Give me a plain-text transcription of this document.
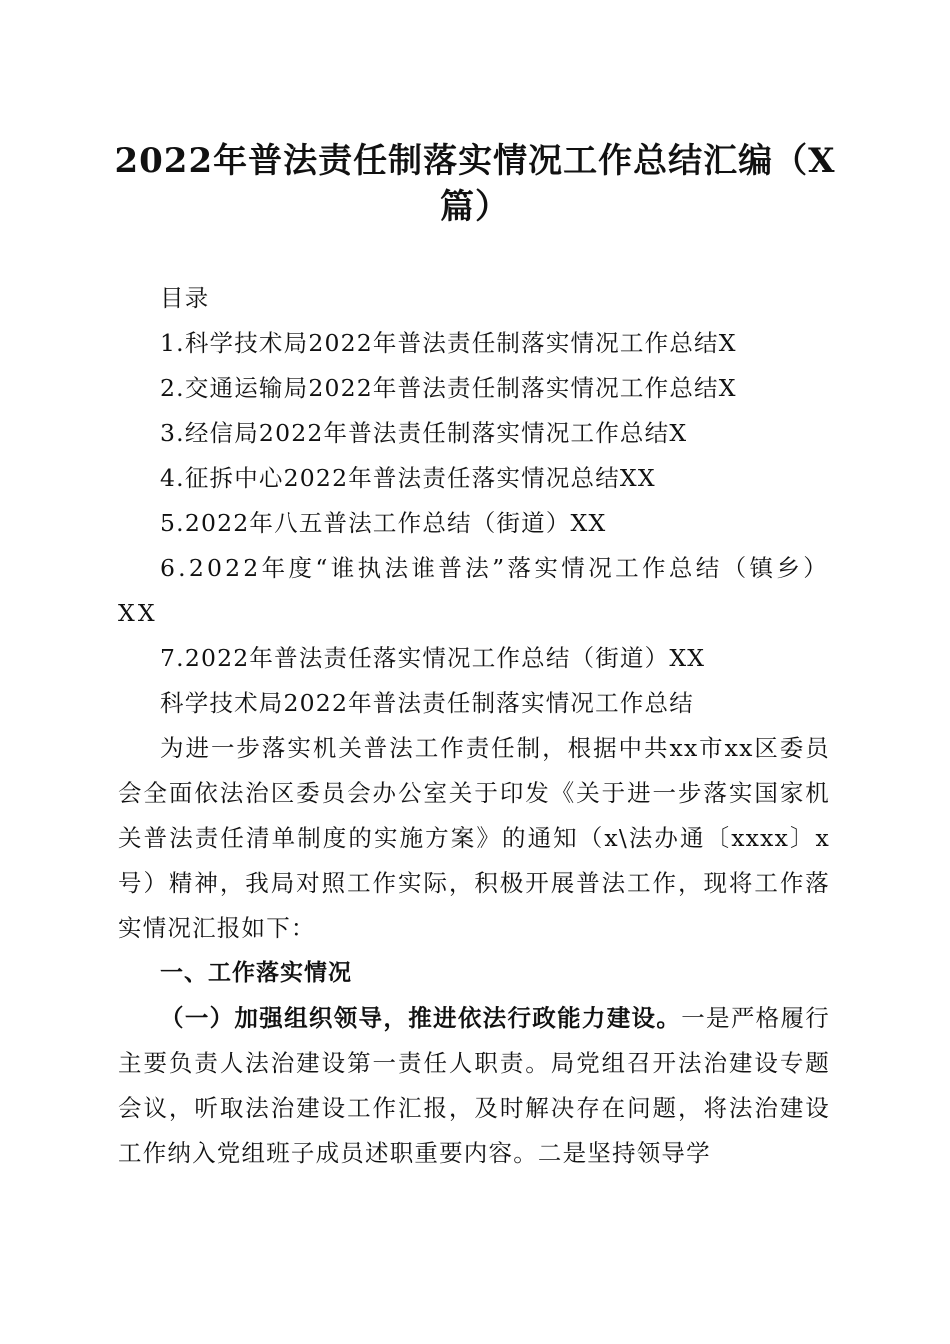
2022年普法责任制落实情况工作总结汇编（X篇）
目录
1.科学技术局2022年普法责任制落实情况工作总结X
2.交通运输局2022年普法责任制落实情况工作总结X
3.经信局2022年普法责任制落实情况工作总结X
4.征拆中心2022年普法责任落实情况总结XX
5.2022年八五普法工作总结（街道）XX

6.2022年度“谁执法谁普法”落实情况工作总结（镇乡）XX

7.2022年普法责任落实情况工作总结（街道）XX
科学技术局2022年普法责任制落实情况工作总结

为进一步落实机关普法工作责任制，根据中共xx市xx区委员会全面依法治区委员会办公室关于印发《关于进一步落实国家机关普法责任清单制度的实施方案》的通知（x\法办通〔xxxx〕x号）精神，我局对照工作实际，积极开展普法工作，现将工作落实情况汇报如下：

一、工作落实情况

（一）加强组织领导，推进依法行政能力建设。一是严格履行主要负责人法治建设第一责任人职责。局党组召开法治建设专题会议，听取法治建设工作汇报，及时解决存在问题，将法治建设工作纳入党组班子成员述职重要内容。二是坚持领导学
